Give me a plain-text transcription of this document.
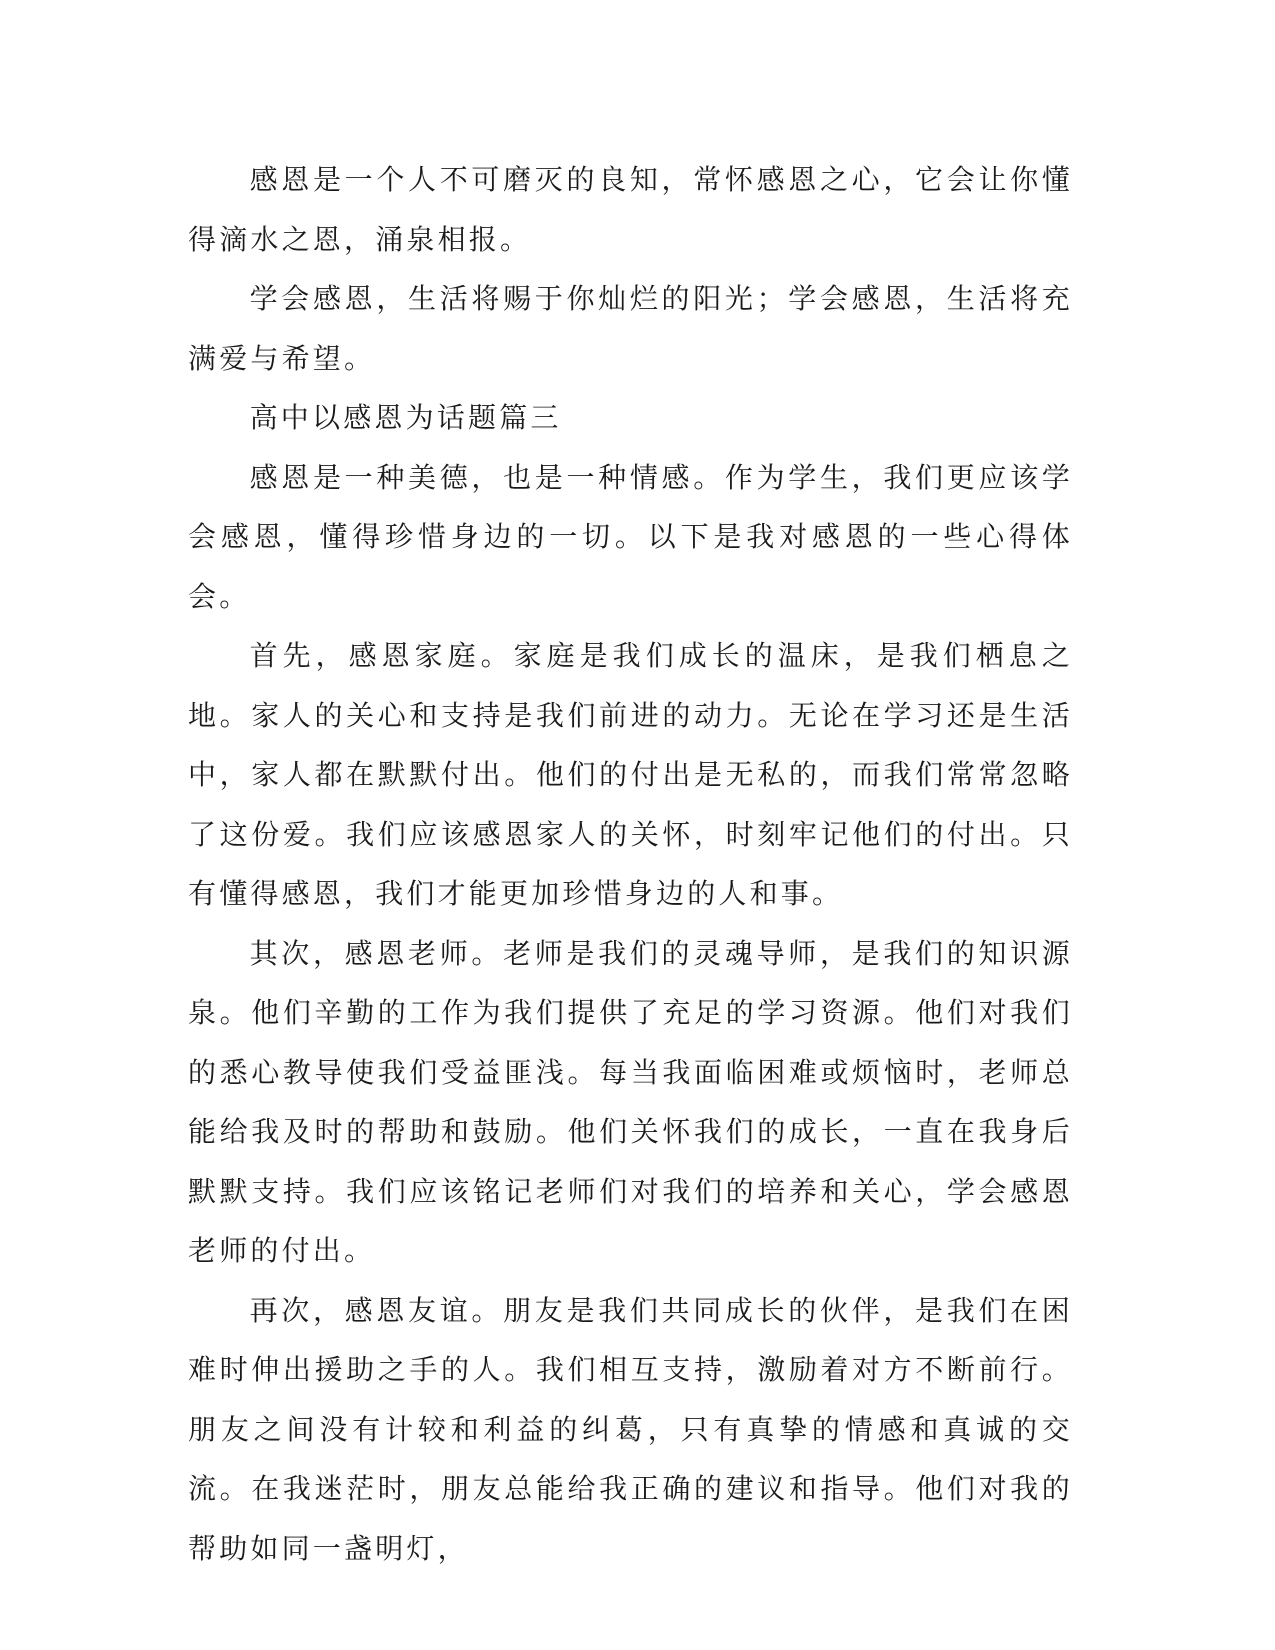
感恩是一个人不可磨灭的良知，常怀感恩之心，它会让你懂得滴水之恩，涌泉相报。

学会感恩，生活将赐于你灿烂的阳光；学会感恩，生活将充满爱与希望。

高中以感恩为话题篇三

感恩是一种美德，也是一种情感。作为学生，我们更应该学会感恩，懂得珍惜身边的一切。以下是我对感恩的一些心得体会。

首先，感恩家庭。家庭是我们成长的温床，是我们栖息之地。家人的关心和支持是我们前进的动力。无论在学习还是生活中，家人都在默默付出。他们的付出是无私的，而我们常常忽略了这份爱。我们应该感恩家人的关怀，时刻牢记他们的付出。只有懂得感恩，我们才能更加珍惜身边的人和事。

其次，感恩老师。老师是我们的灵魂导师，是我们的知识源泉。他们辛勤的工作为我们提供了充足的学习资源。他们对我们的悉心教导使我们受益匪浅。每当我面临困难或烦恼时，老师总能给我及时的帮助和鼓励。他们关怀我们的成长，一直在我身后默默支持。我们应该铭记老师们对我们的培养和关心，学会感恩老师的付出。

再次，感恩友谊。朋友是我们共同成长的伙伴，是我们在困难时伸出援助之手的人。我们相互支持，激励着对方不断前行。朋友之间没有计较和利益的纠葛，只有真挚的情感和真诚的交流。在我迷茫时，朋友总能给我正确的建议和指导。他们对我的帮助如同一盏明灯，
